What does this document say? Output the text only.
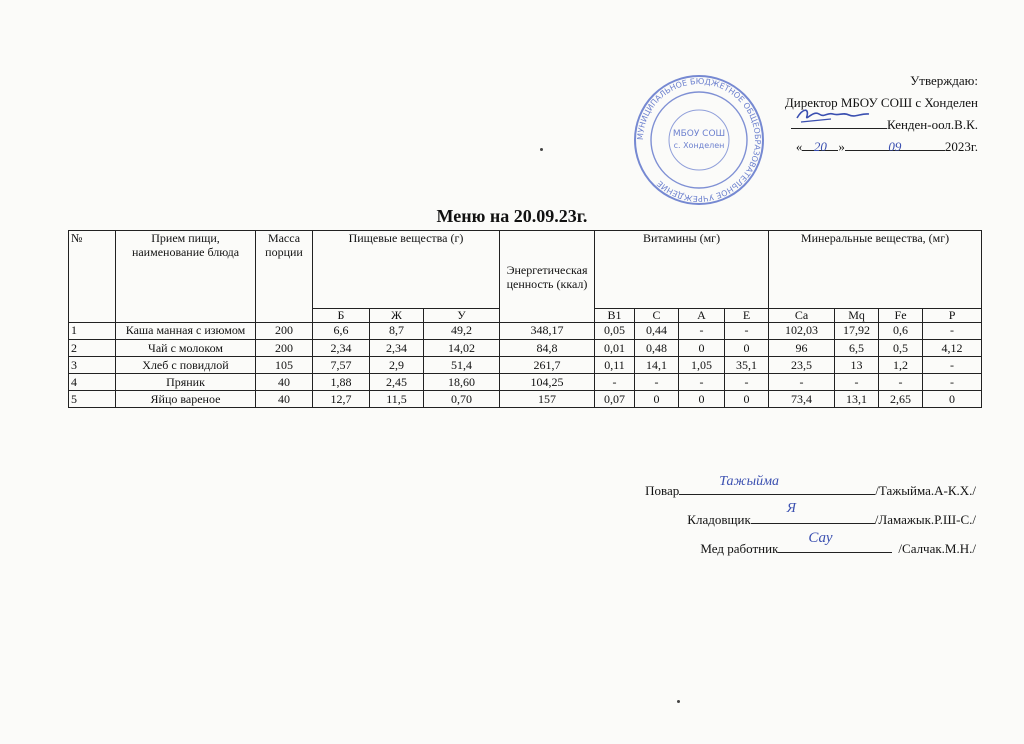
Утверждаю:
Директор МБОУ СОШ с Хонделен
Кенден-оол.В.К.
« 20 »	09	2023г.
МУНИЦИПАЛЬНОЕ БЮДЖЕТНОЕ ОБЩЕОБРАЗОВАТЕЛЬНОЕ УЧРЕЖДЕНИЕ
МБОУ СОШ
с. Хонделен
Меню на 20.09.23г.
№	Прием пищи, наименование блюда	Масса порции	Пищевые вещества (г)			Энергетическая ценность (ккал)	Витамины (мг)				Минеральные вещества, (мг)			
			Б	Ж	У		B1	C	A	E	Ca	Mq	Fe	P
1	Каша манная с изюмом	200	6,6	8,7	49,2	348,17	0,05	0,44	-	-	102,03	17,92	0,6	-
2	Чай с молоком	200	2,34	2,34	14,02	84,8	0,01	0,48	0	0	96	6,5	0,5	4,12
3	Хлеб с повидлой	105	7,57	2,9	51,4	261,7	0,11	14,1	1,05	35,1	23,5	13	1,2	-
4	Пряник	40	1,88	2,45	18,60	104,25	-	-	-	-	-	-	-	-
5	Яйцо вареное	40	12,7	11,5	0,70	157	0,07	0	0	0	73,4	13,1	2,65	0
Повар
Тажыйма
/Тажыйма.А-К.Х./
Кладовщик
Я
/Ламажык.Р.Ш-С./
Мед работник
Сау
/Салчак.М.Н./
